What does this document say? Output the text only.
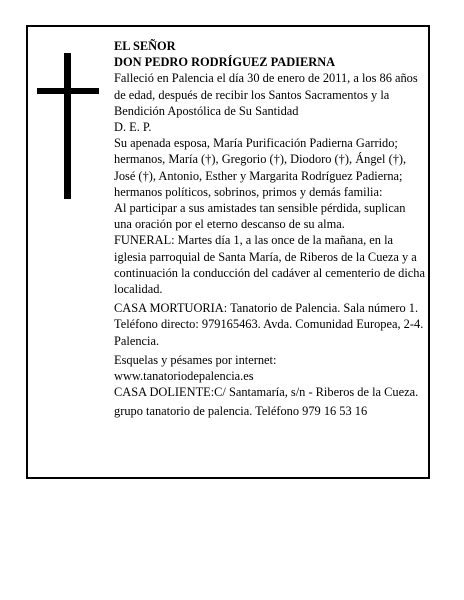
EL SEÑOR

DON PEDRO RODRÍGUEZ PADIERNA

Falleció en Palencia el día 30 de enero de 2011, a los 86 años de edad, después de recibir los Santos Sacramentos y la Bendición Apostólica de Su Santidad

D. E. P.

Su apenada esposa, María Purificación Padierna Garrido; hermanos, María (†), Gregorio (†), Diodoro (†), Ángel (†), José (†), Antonio, Esther y Margarita Rodríguez Padierna; hermanos políticos, sobrinos, primos y demás familia:

Al participar a sus amistades tan sensible pérdida, suplican una oración por el eterno descanso de su alma.

FUNERAL: Martes día 1, a las once de la mañana, en la iglesia parroquial de Santa María, de Riberos de la Cueza y a continuación la conducción del cadáver al cementerio de dicha localidad.

CASA MORTUORIA: Tanatorio de Palencia. Sala número 1. Teléfono directo: 979165463. Avda. Comunidad Europea, 2-4. Palencia.

Esquelas y pésames por internet:

www.tanatoriodepalencia.es

CASA DOLIENTE:C/ Santamaría, s/n - Riberos de la Cueza.

grupo tanatorio de palencia. Teléfono 979 16 53 16
